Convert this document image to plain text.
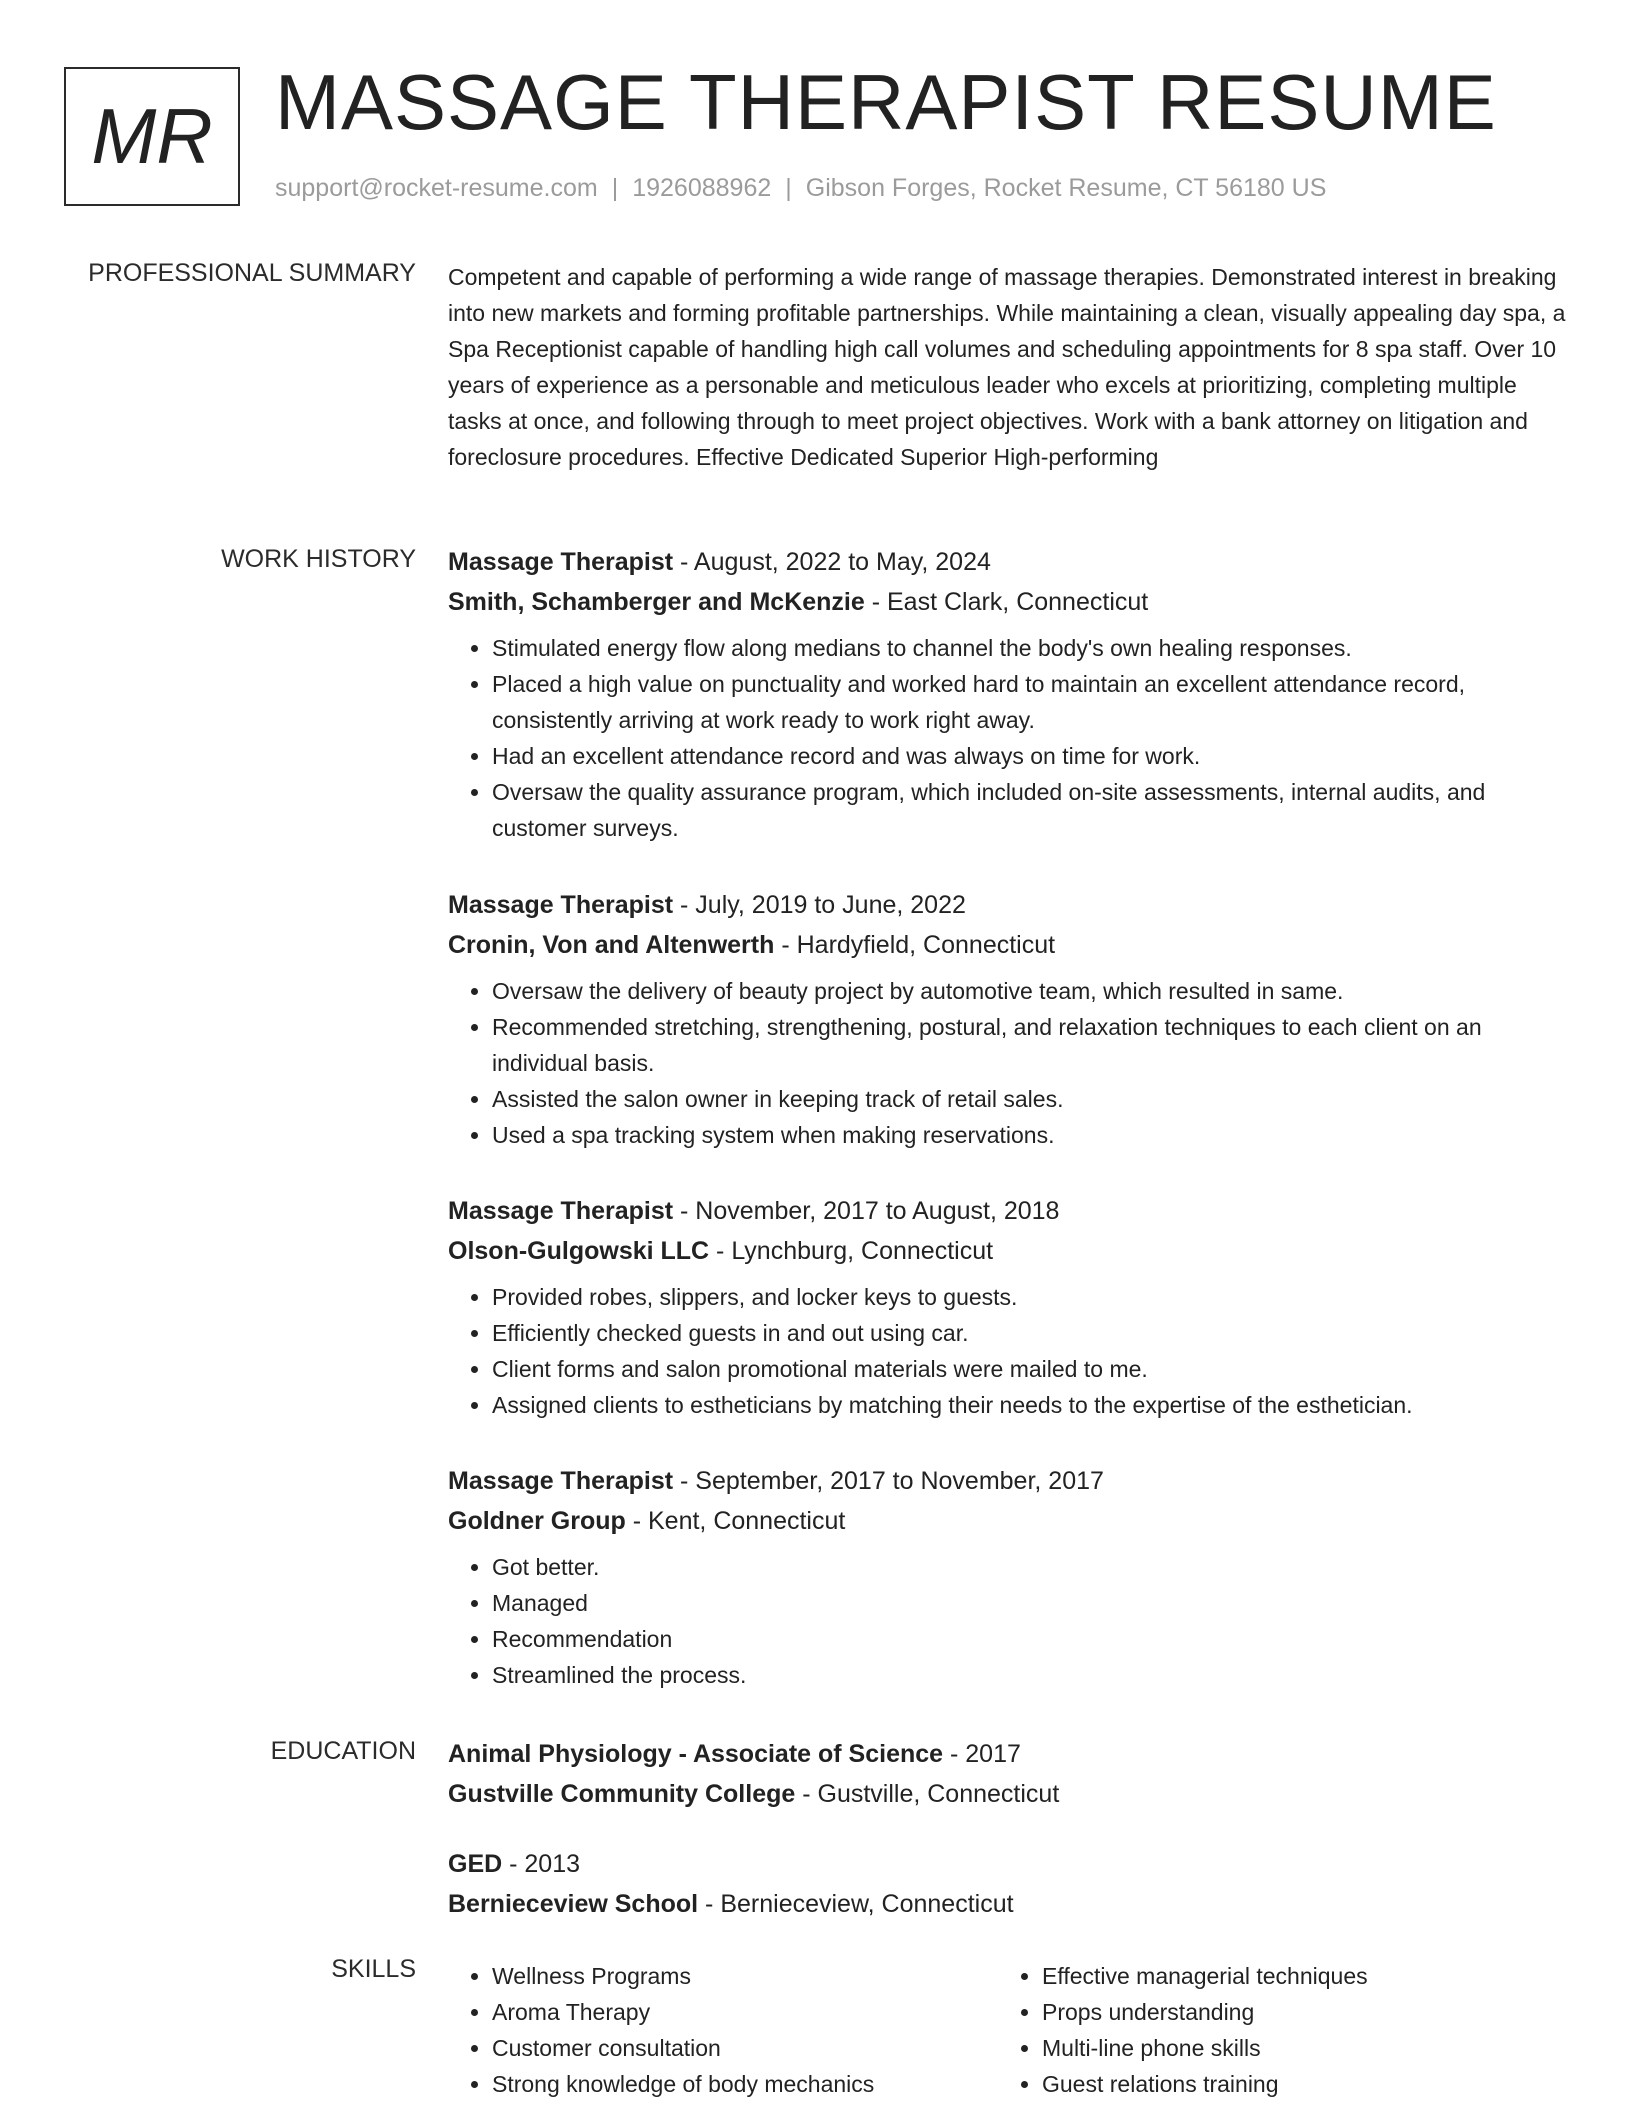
MR MASSAGE THERAPIST RESUME
support@rocket-resume.com | 1926088962 | Gibson Forges, Rocket Resume, CT 56180 US
PROFESSIONAL SUMMARY Competent and capable of performing a wide range of massage therapies. Demonstrated interest in breaking into new markets and forming profitable partnerships. While maintaining a clean, visually appealing day spa, a Spa Receptionist capable of handling high call volumes and scheduling appointments for 8 spa staff. Over 10 years of experience as a personable and meticulous leader who excels at prioritizing, completing multiple tasks at once, and following through to meet project objectives. Work with a bank attorney on litigation and foreclosure procedures. Effective Dedicated Superior High-performing

WORK HISTORY Massage Therapist - August, 2022 to May, 2024
Smith, Schamberger and McKenzie - East Clark, Connecticut
• Stimulated energy flow along medians to channel the body's own healing responses.
• Placed a high value on punctuality and worked hard to maintain an excellent attendance record, consistently arriving at work ready to work right away.
• Had an excellent attendance record and was always on time for work.
• Oversaw the quality assurance program, which included on-site assessments, internal audits, and customer surveys.
Massage Therapist - July, 2019 to June, 2022
Cronin, Von and Altenwerth - Hardyfield, Connecticut
• Oversaw the delivery of beauty project by automotive team, which resulted in same.
• Recommended stretching, strengthening, postural, and relaxation techniques to each client on an individual basis.
• Assisted the salon owner in keeping track of retail sales.
• Used a spa tracking system when making reservations.
Massage Therapist - November, 2017 to August, 2018
Olson-Gulgowski LLC - Lynchburg, Connecticut
• Provided robes, slippers, and locker keys to guests.
• Efficiently checked guests in and out using car.
• Client forms and salon promotional materials were mailed to me.
• Assigned clients to estheticians by matching their needs to the expertise of the esthetician.
Massage Therapist - September, 2017 to November, 2017
Goldner Group - Kent, Connecticut
• Got better.
• Managed
• Recommendation
• Streamlined the process.
EDUCATION Animal Physiology - Associate of Science - 2017
Gustville Community College - Gustville, Connecticut
GED - 2013
Bernieceview School - Bernieceview, Connecticut
SKILLS
•	Wellness Programs
• Aroma Therapy
• Customer consultation
• Strong knowledge of body mechanics
• Effective managerial techniques
• Props understanding
• Multi-line phone skills
• Guest relations training
